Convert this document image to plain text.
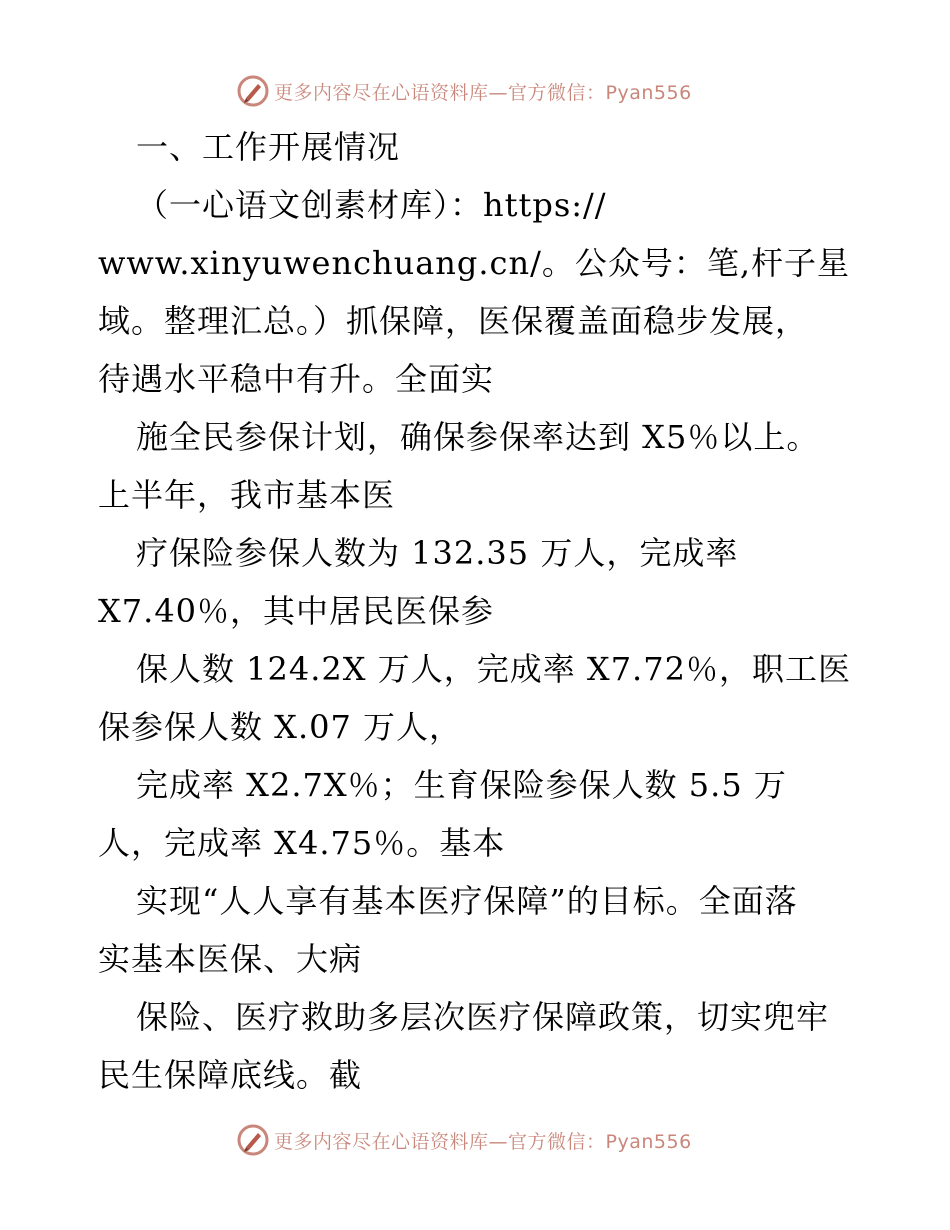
更多内容尽在心语资料库—官方微信：Pyan556
一、工作开展情况
（一心语文创素材库）：https://
www.xinyuwenchuang.cn/。公众号：笔,杆子星
域。整理汇总。）抓保障，医保覆盖面稳步发展，
待遇水平稳中有升。全面实
施全民参保计划，确保参保率达到 X5％以上。
上半年，我市基本医
疗保险参保人数为 132.35 万人，完成率
X7.40％，其中居民医保参
保人数 124.2X 万人，完成率 X7.72％，职工医
保参保人数 X.07 万人，
完成率 X2.7X％；生育保险参保人数 5.5 万
人，完成率 X4.75％。基本
实现“人人享有基本医疗保障”的目标。全面落
实基本医保、大病
保险、医疗救助多层次医疗保障政策，切实兜牢
民生保障底线。截
更多内容尽在心语资料库—官方微信：Pyan556
